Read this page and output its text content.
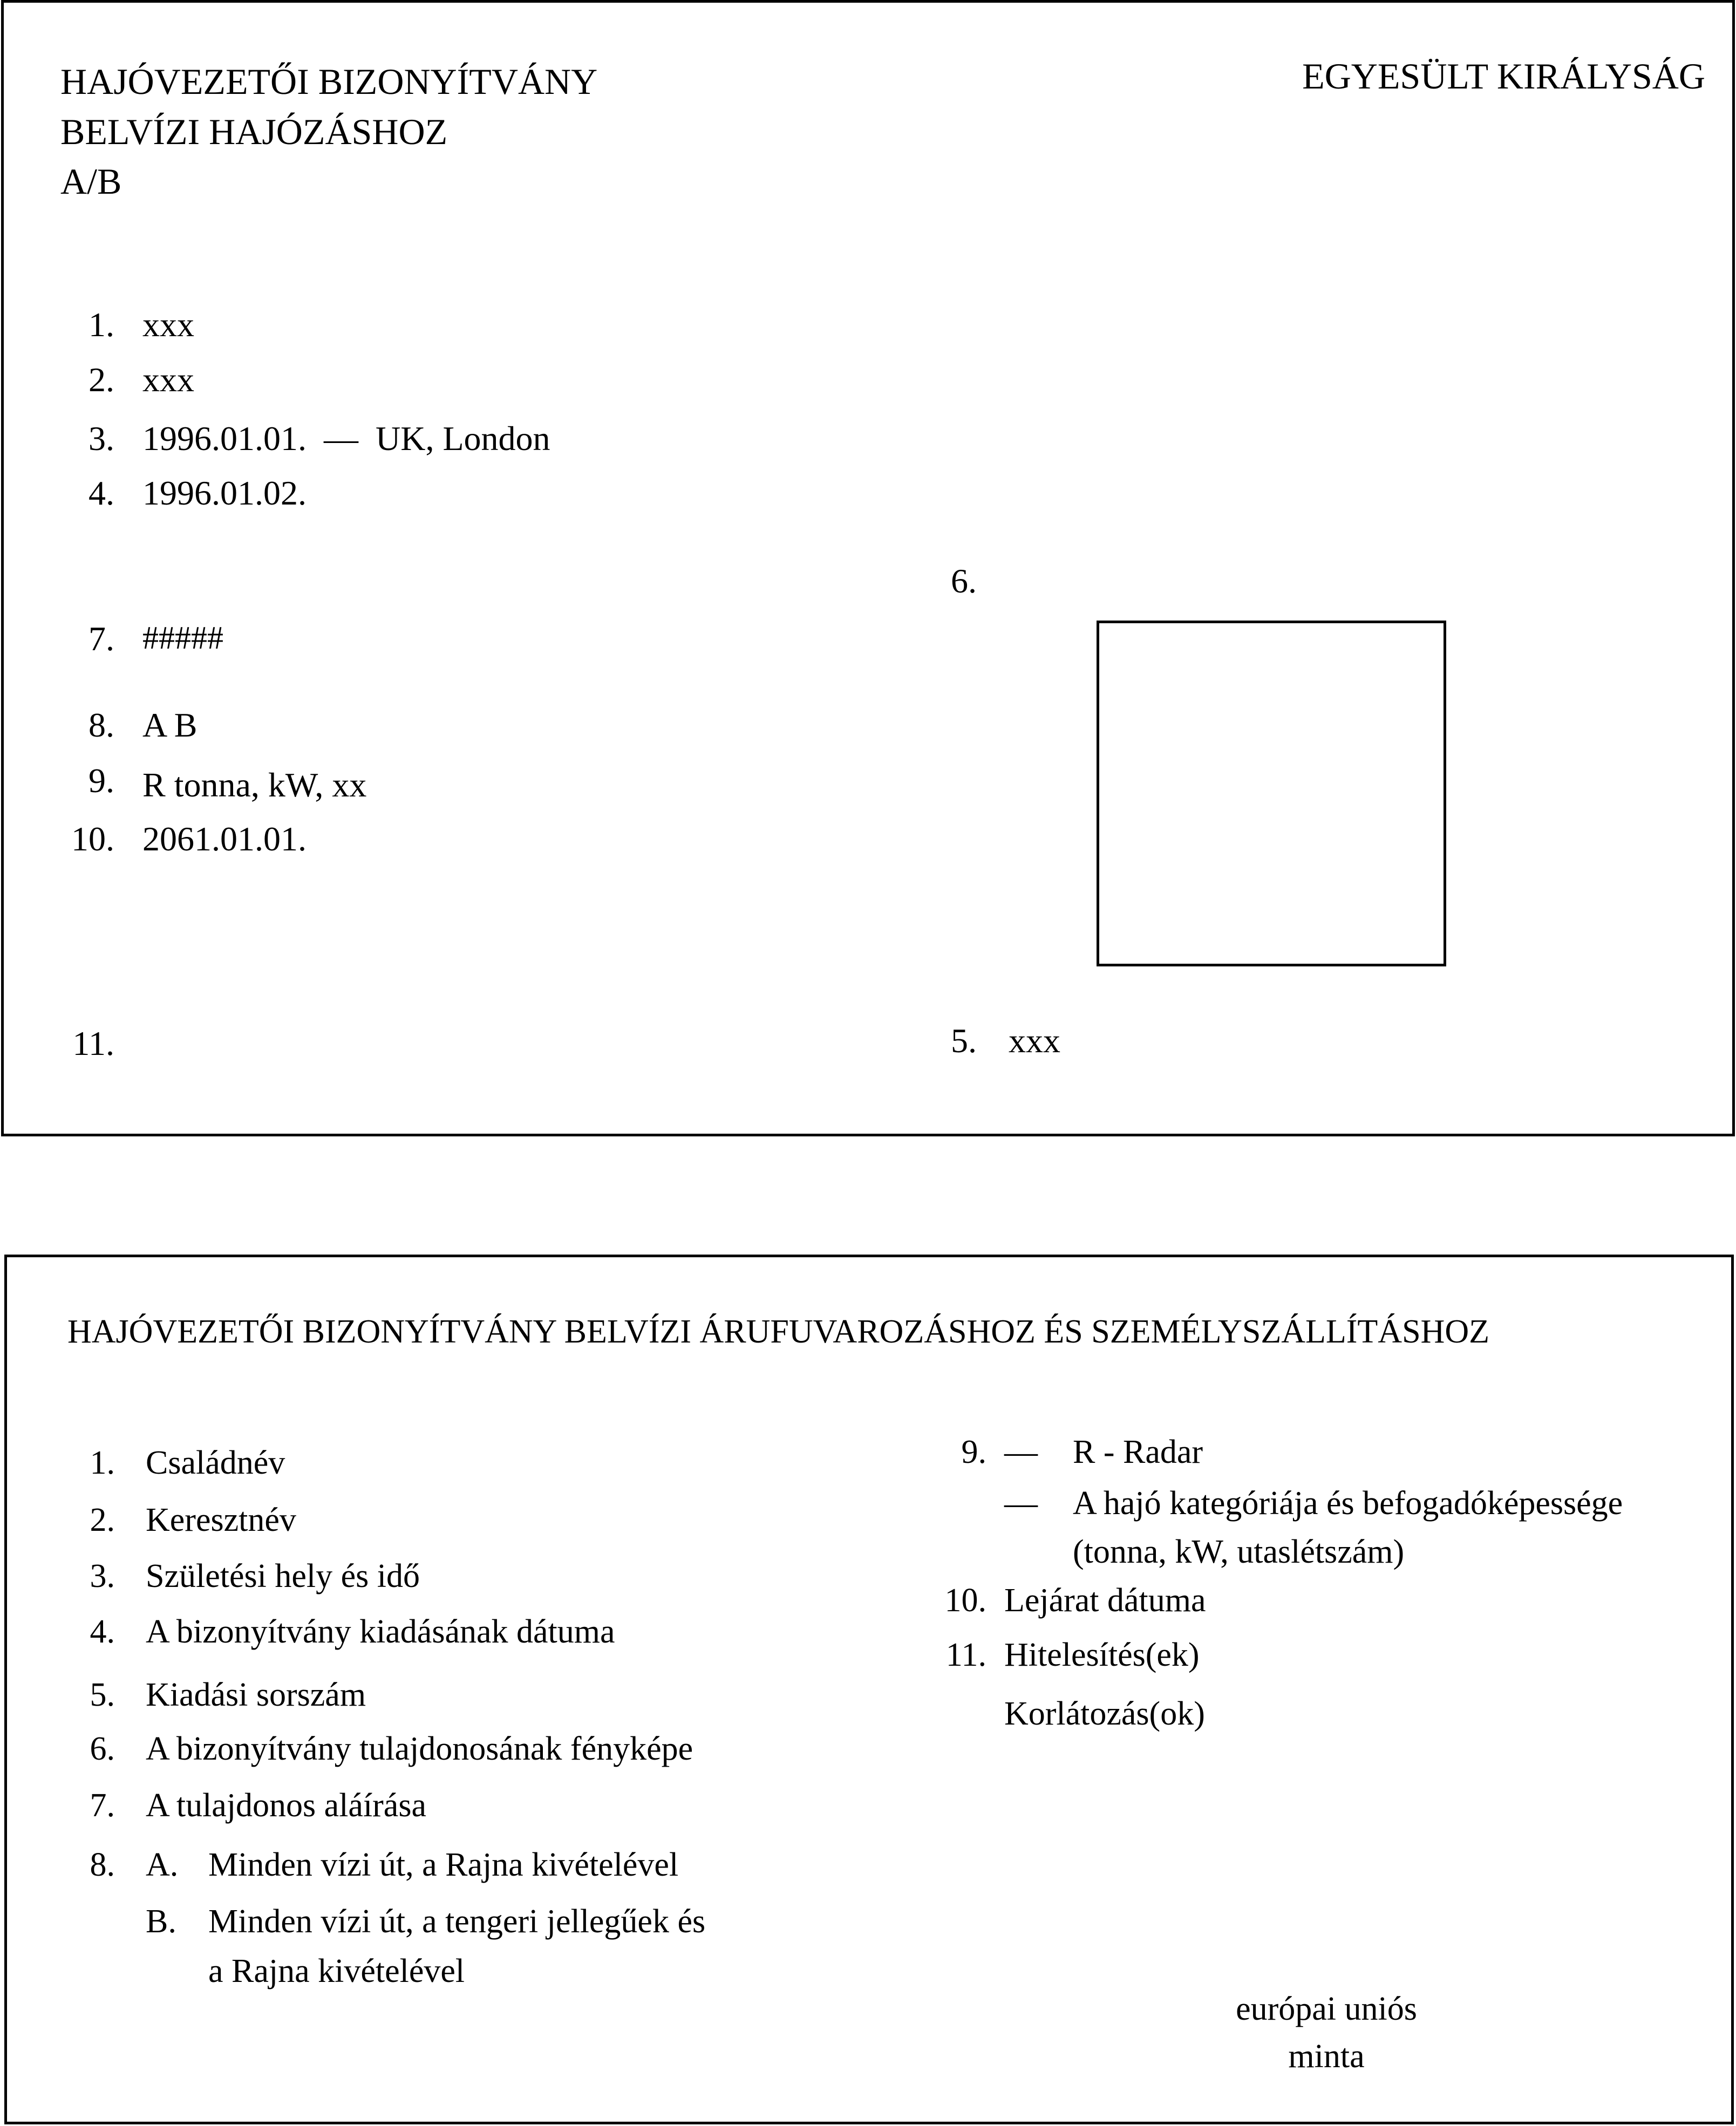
HAJÓVEZETŐI BIZONYÍTVÁNY
BELVÍZI HAJÓZÁSHOZ
A/B
EGYESÜLT KIRÁLYSÁG
1. xxx
2. xxx
3. 1996.01.01.  —  UK, London
4. 1996.01.02.
7. #####
8. A B
9. R tonna, kW, xx
10. 2061.01.01.
11.
6.
5. xxx
HAJÓVEZETŐI BIZONYÍTVÁNY BELVÍZI ÁRUFUVAROZÁSHOZ ÉS SZEMÉLYSZÁLLÍTÁSHOZ
1. Családnév
2. Keresztnév
3. Születési hely és idő
4. A bizonyítvány kiadásának dátuma
5. Kiadási sorszám
6. A bizonyítvány tulajdonosának fényképe
7. A tulajdonos aláírása
8. A. Minden vízi út, a Rajna kivételével
B. Minden vízi út, a tengeri jellegűek és
a Rajna kivételével
9. — R - Radar
— A hajó kategóriája és befogadóképessége
(tonna, kW, utaslétszám)
10. Lejárat dátuma
11. Hitelesítés(ek)
Korlátozás(ok)
európai uniós
minta
